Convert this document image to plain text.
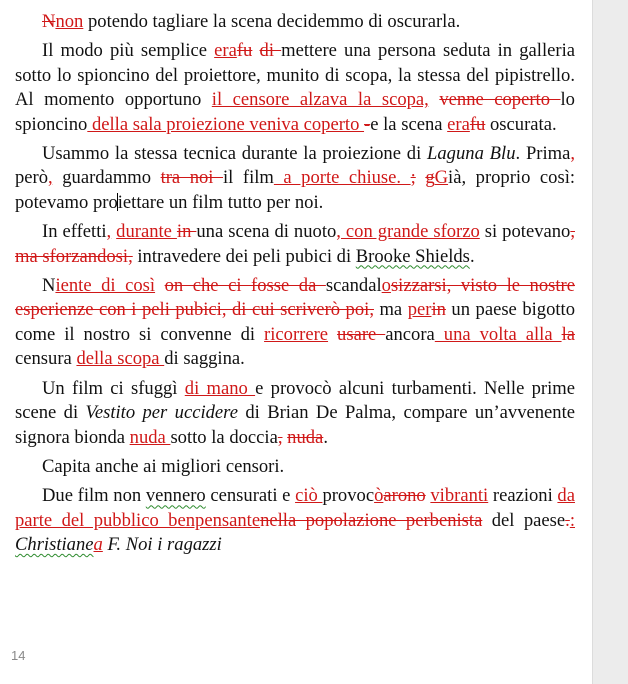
Nnon potendo tagliare la scena decidemmo di oscurarla.

Il modo più semplice erafu di mettere una persona seduta in galleria sotto lo spioncino del proiettore, munito di scopa, la stessa del pipistrello. Al momento opportuno il censore alzava la scopa, venne coperto lo spioncino della sala proiezione veniva coperto -e la scena erafu oscurata.

Usammo la stessa tecnica durante la proiezione di Laguna Blu. Prima, però, guardammo tra noi il film a porte chiuse. ; gGià, proprio così: potevamo proiettare un film tutto per noi.

In effetti, durante in una scena di nuoto, con grande sforzo si potevano, ma sforzandosi, intravedere dei peli pubici di Brooke Shields.

Niente di così on che ci fosse da scandalosizzarsi, visto le nostre esperienze con i peli pubici, di cui scriverò poi, ma perin un paese bigotto come il nostro si convenne di ricorrere usare ancora una volta alla la censura della scopa di saggina.

Un film ci sfuggì di mano e provocò alcuni turbamenti. Nelle prime scene di Vestito per uccidere di Brian De Palma, compare un’avvenente signora bionda nuda sotto la doccia, nuda.

Capita anche ai migliori censori.

Due film non vennero censurati e ciò provocòarono vibranti reazioni da parte del pubblico benpensantenella popolazione perbenista del paese.: Christianea F. Noi i ragazzi

14
